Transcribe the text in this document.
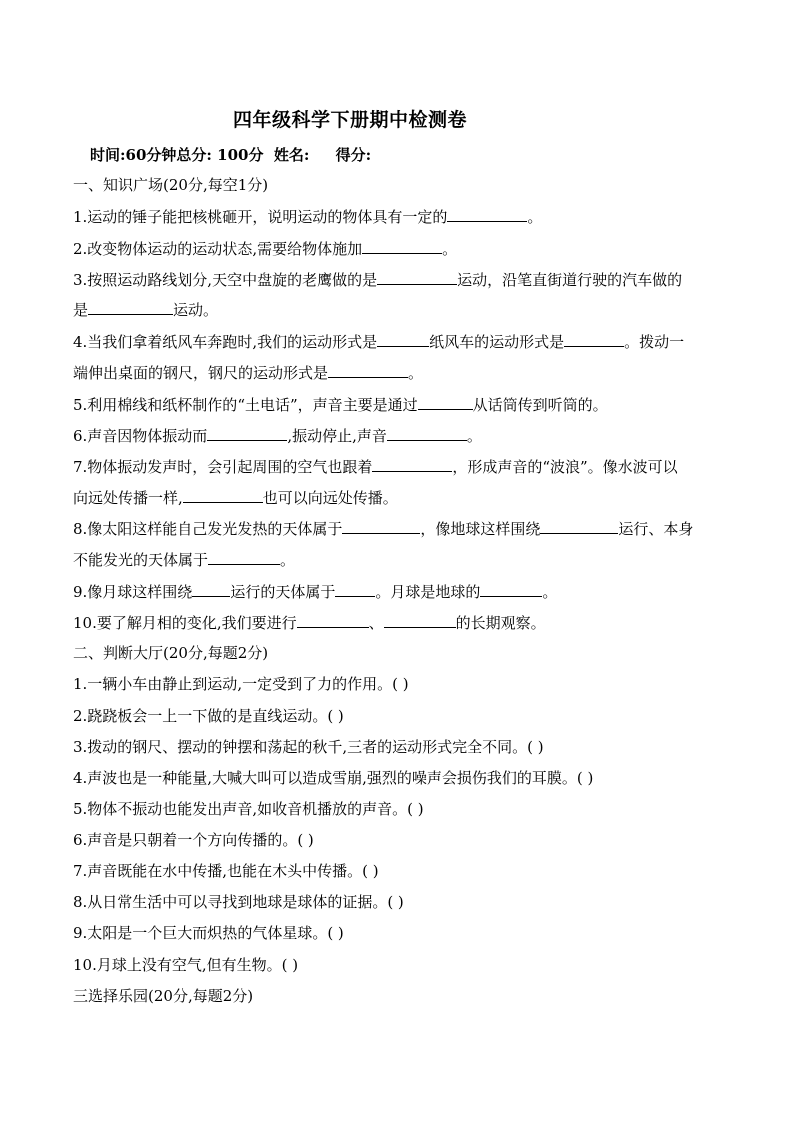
四年级科学下册期中检测卷
时间:60分钟总分: 100分  姓名:     得分:
一、知识广场(20分,每空1分)
1.运动的锤子能把核桃砸开，说明运动的物体具有一定的	。
2.改变物体运动的运动状态,需要给物体施加	。
3.按照运动路线划分,天空中盘旋的老鹰做的是	运动，沿笔直街道行驶的汽车做的
是	运动。
4.当我们拿着纸风车奔跑时,我们的运动形式是	纸风车的运动形式是	。拨动一
端伸出桌面的钢尺，钢尺的运动形式是	。
5.利用棉线和纸杯制作的“土电话”，声音主要是通过	从话筒传到听筒的。
6.声音因物体振动而	,振动停止,声音	。
7.物体振动发声时，会引起周围的空气也跟着	，形成声音的“波浪”。像水波可以
向远处传播一样,	也可以向远处传播。
8.像太阳这样能自己发光发热的天体属于	，像地球这样围绕	运行、本身
不能发光的天体属于	。
9.像月球这样围绕	运行的天体属于	。月球是地球的	。
10.要了解月相的变化,我们要进行	、	的长期观察。
二、判断大厅(20分,每题2分)
1.一辆小车由静止到运动,一定受到了力的作用。( )
2.跷跷板会一上一下做的是直线运动。( )
3.拨动的钢尺、摆动的钟摆和荡起的秋千,三者的运动形式完全不同。( )
4.声波也是一种能量,大喊大叫可以造成雪崩,强烈的噪声会损伤我们的耳膜。( )
5.物体不振动也能发出声音,如收音机播放的声音。( )
6.声音是只朝着一个方向传播的。( )
7.声音既能在水中传播,也能在木头中传播。( )
8.从日常生活中可以寻找到地球是球体的证据。( )
9.太阳是一个巨大而炽热的气体星球。( )
10.月球上没有空气,但有生物。( )
三选择乐园(20分,每题2分)
